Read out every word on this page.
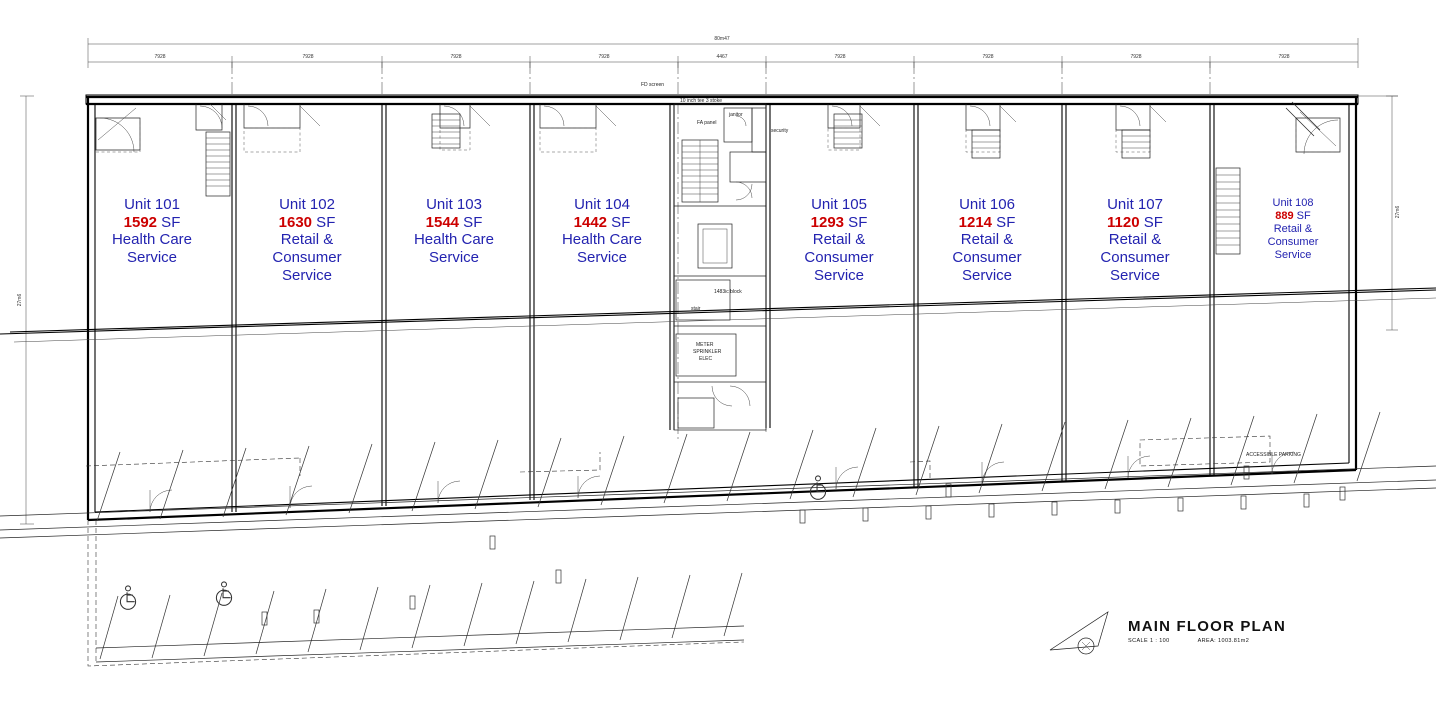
Unit 101
1592 SF
Health Care Service
Unit 102
1630 SF
Retail & Consumer Service
Unit 103
1544 SF
Health Care Service
Unit 104
1442 SF
Health Care Service
Unit 105
1293 SF
Retail & Consumer Service
Unit 106
1214 SF
Retail & Consumer Service
Unit 107
1120 SF
Retail & Consumer Service
Unit 108
889 SF
Retail & Consumer Service
80m47
7928	7928	7928	7928	4467	7928	7928	7928	7928
27m6
27m6
FD screen
10 inch tee 3 stoke
FA panel
janitor
security
1483ic block
stair
METER
SPRINKLER
ELEC
ACCESSIBLE PARKING
MAIN FLOOR PLAN
SCALE 1 : 100	AREA: 1003.81m2
